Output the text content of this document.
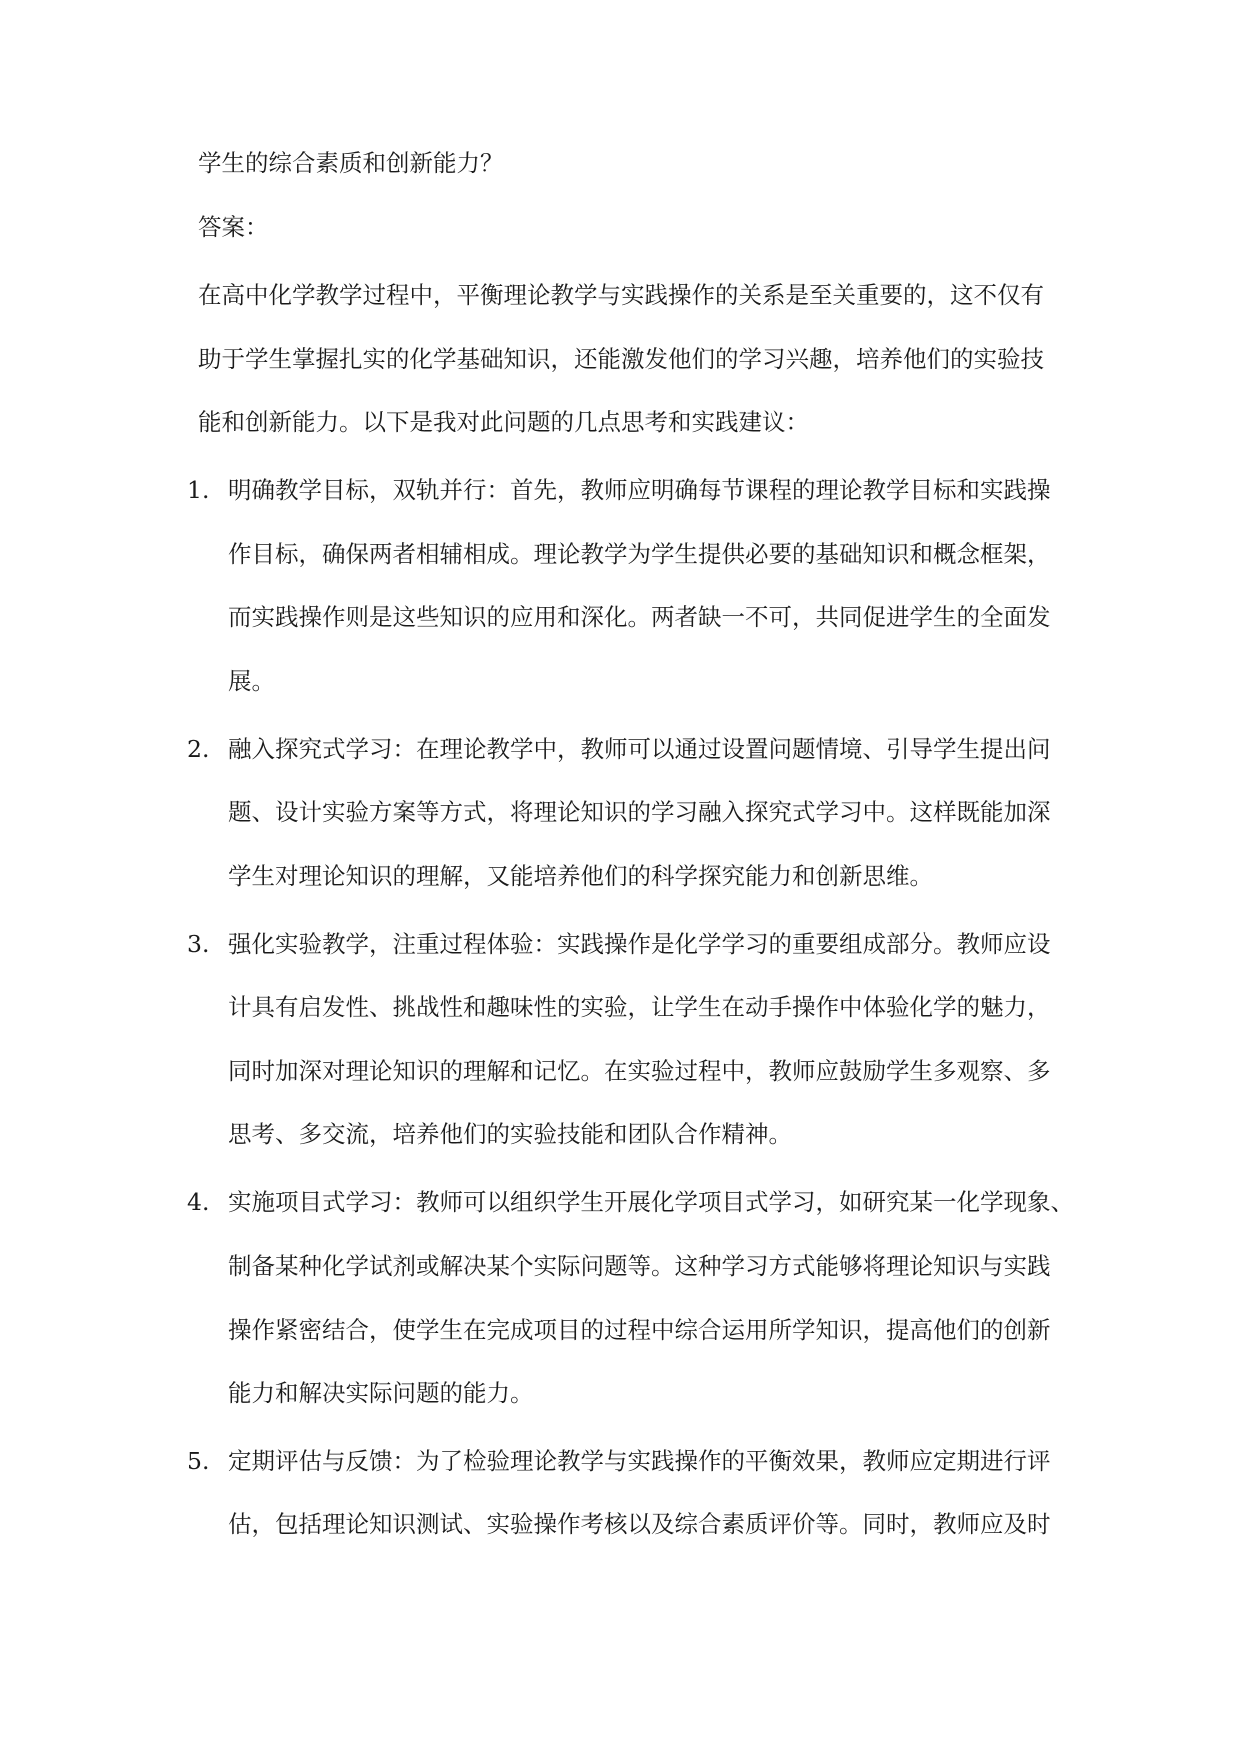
学生的综合素质和创新能力？

答案：

在高中化学教学过程中，平衡理论教学与实践操作的关系是至关重要的，这不仅有

助于学生掌握扎实的化学基础知识，还能激发他们的学习兴趣，培养他们的实验技

能和创新能力。以下是我对此问题的几点思考和实践建议：

1. 明确教学目标，双轨并行：首先，教师应明确每节课程的理论教学目标和实践操

作目标，确保两者相辅相成。理论教学为学生提供必要的基础知识和概念框架，

而实践操作则是这些知识的应用和深化。两者缺一不可，共同促进学生的全面发

展。

2. 融入探究式学习：在理论教学中，教师可以通过设置问题情境、引导学生提出问

题、设计实验方案等方式，将理论知识的学习融入探究式学习中。这样既能加深

学生对理论知识的理解，又能培养他们的科学探究能力和创新思维。

3. 强化实验教学，注重过程体验：实践操作是化学学习的重要组成部分。教师应设

计具有启发性、挑战性和趣味性的实验，让学生在动手操作中体验化学的魅力，

同时加深对理论知识的理解和记忆。在实验过程中，教师应鼓励学生多观察、多

思考、多交流，培养他们的实验技能和团队合作精神。

4. 实施项目式学习：教师可以组织学生开展化学项目式学习，如研究某一化学现象、

制备某种化学试剂或解决某个实际问题等。这种学习方式能够将理论知识与实践

操作紧密结合，使学生在完成项目的过程中综合运用所学知识，提高他们的创新

能力和解决实际问题的能力。

5. 定期评估与反馈：为了检验理论教学与实践操作的平衡效果，教师应定期进行评

估，包括理论知识测试、实验操作考核以及综合素质评价等。同时，教师应及时
